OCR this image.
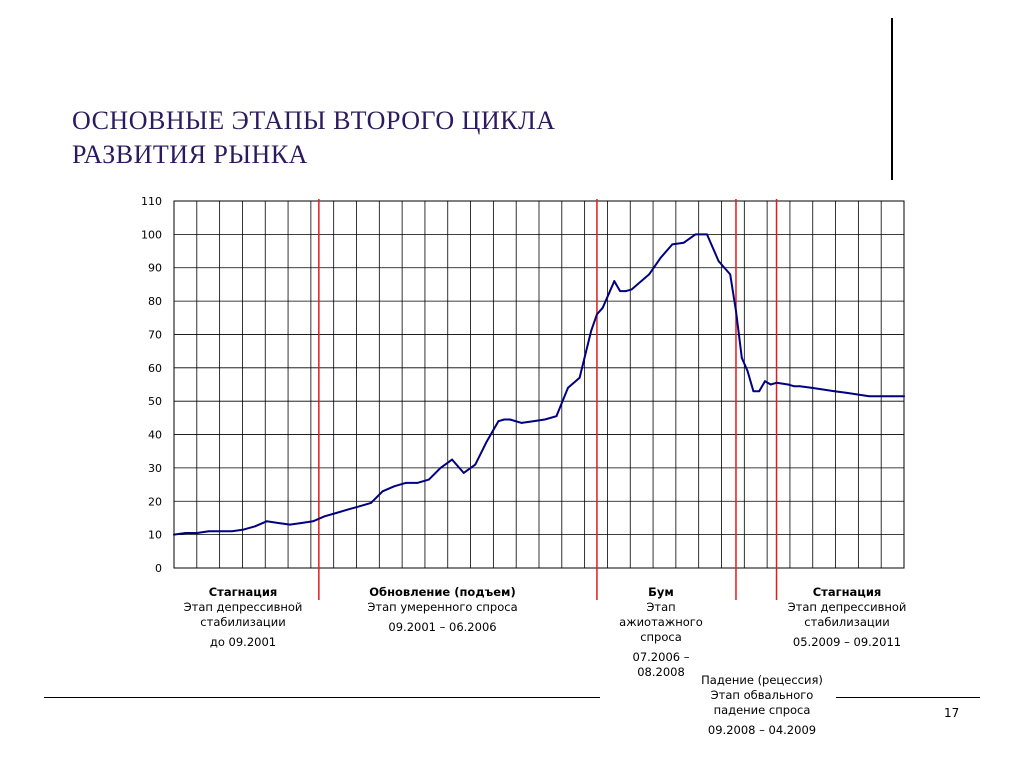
ОСНОВНЫЕ ЭТАПЫ ВТОРОГО ЦИКЛА
РАЗВИТИЯ РЫНКА
0
10
20
30
40
50
60
70
80
90
100
110
Стагнация
Этап депрессивной стабилизации
до 09.2001
Обновление (подъем)
Этап умеренного спроса
09.2001 – 06.2006
Бум
Этап ажиотажного спроса
07.2006 – 08.2008
Падение (рецессия)
Этап обвального падение спроса
09.2008 – 04.2009
Стагнация
Этап депрессивной стабилизации
05.2009 – 09.2011
17
